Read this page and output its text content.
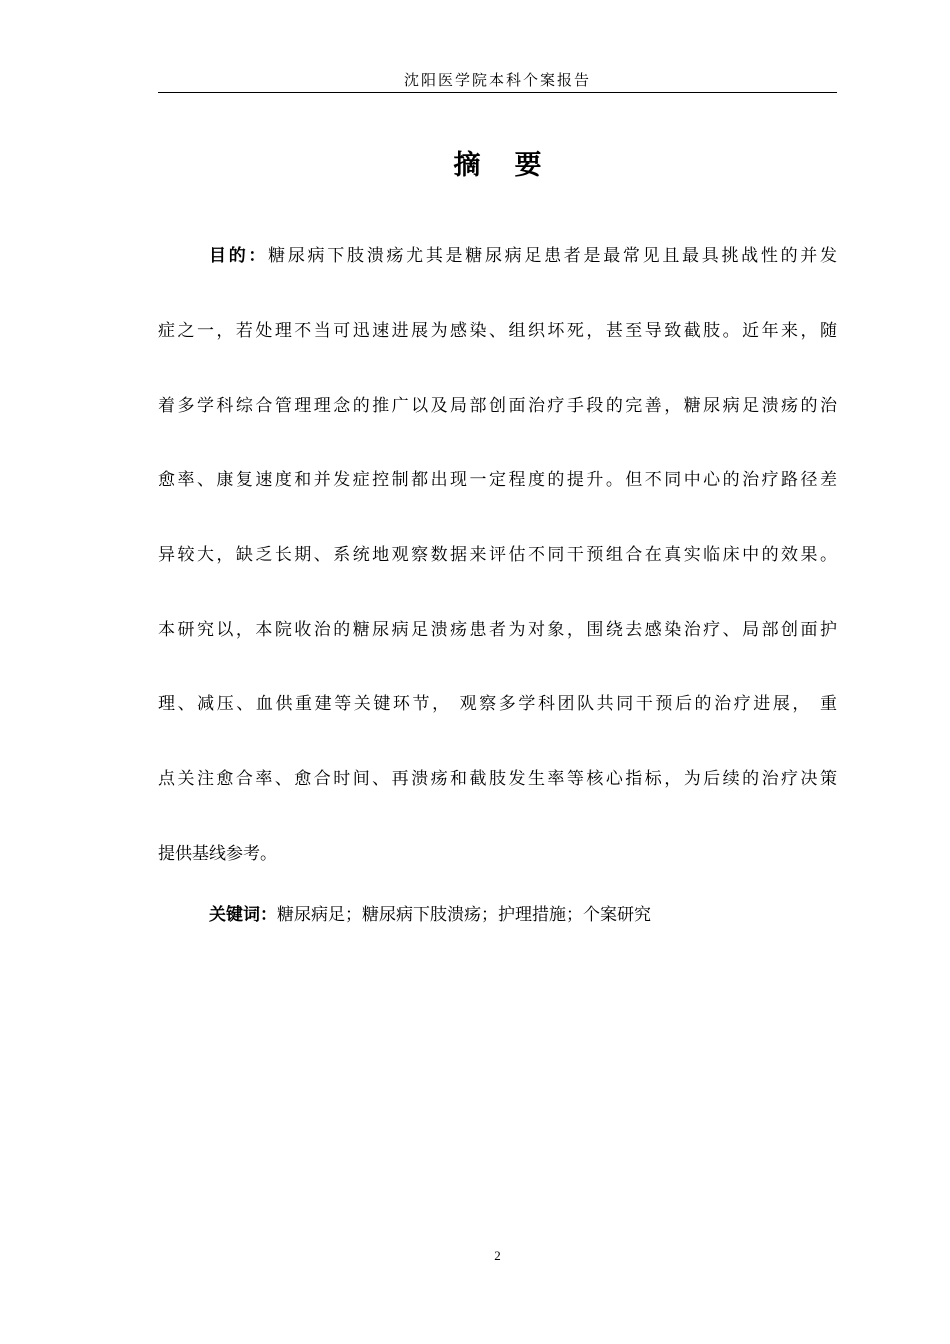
沈阳医学院本科个案报告
摘 要
目的：糖尿病下肢溃疡尤其是糖尿病足患者是最常见且最具挑战性的并发
症之一，若处理不当可迅速进展为感染、组织坏死，甚至导致截肢。近年来，随
着多学科综合管理理念的推广以及局部创面治疗手段的完善，糖尿病足溃疡的治
愈率、康复速度和并发症控制都出现一定程度的提升。但不同中心的治疗路径差
异较大，缺乏长期、系统地观察数据来评估不同干预组合在真实临床中的效果。
本研究以，本院收治的糖尿病足溃疡患者为对象，围绕去感染治疗、局部创面护
理、减压、血供重建等关键环节， 观察多学科团队共同干预后的治疗进展， 重
点关注愈合率、愈合时间、再溃疡和截肢发生率等核心指标，为后续的治疗决策
提供基线参考。
关键词：糖尿病足；糖尿病下肢溃疡；护理措施；个案研究
2
